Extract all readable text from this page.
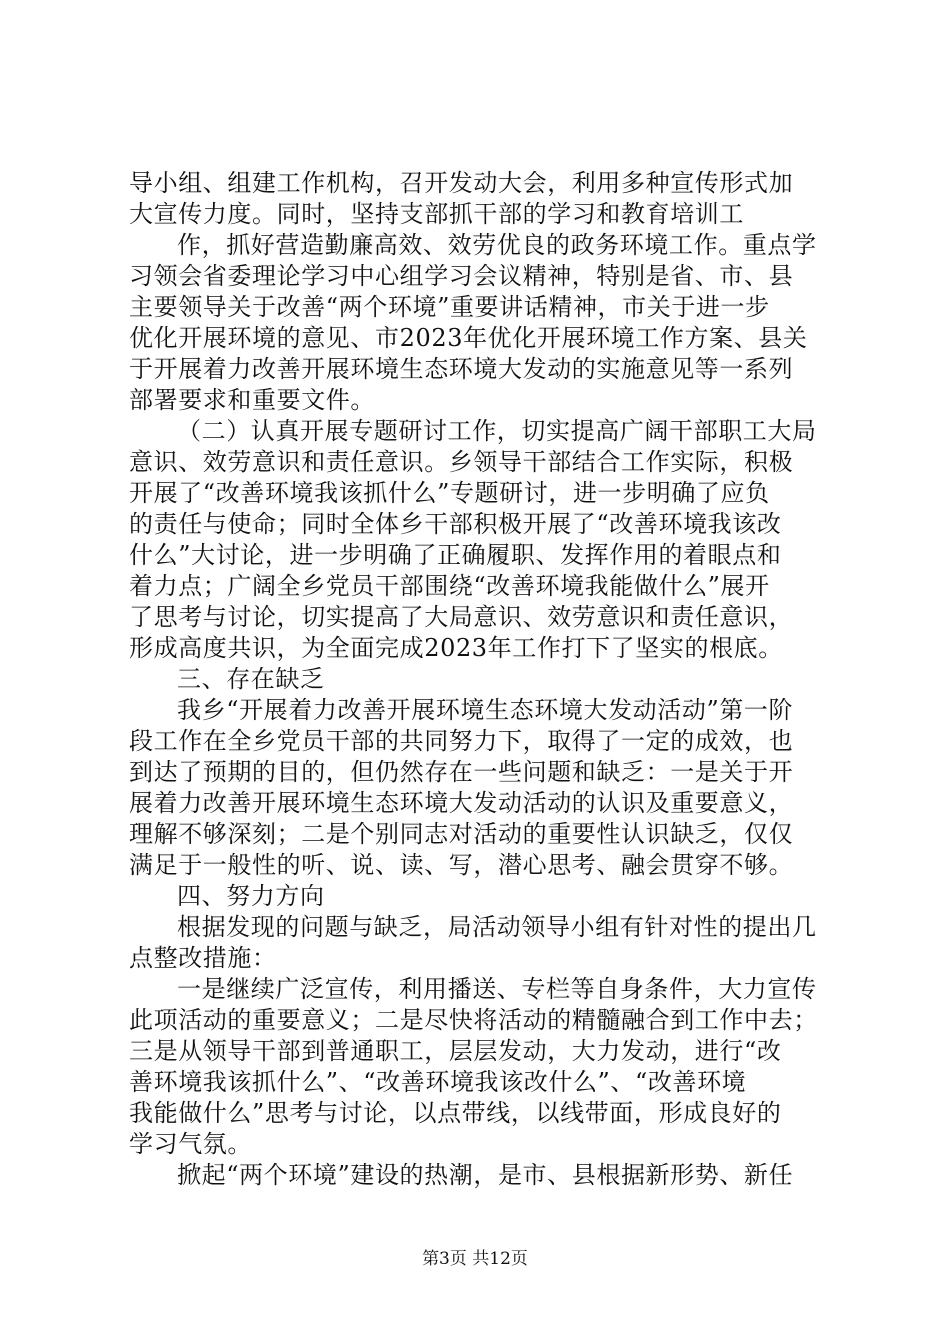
导小组、组建工作机构，召开发动大会，利用多种宣传形式加
大宣传力度。同时，坚持支部抓干部的学习和教育培训工
作，抓好营造勤廉高效、效劳优良的政务环境工作。重点学
习领会省委理论学习中心组学习会议精神，特别是省、市、县
主要领导关于改善“两个环境”重要讲话精神，市关于进一步
优化开展环境的意见、市2023年优化开展环境工作方案、县关
于开展着力改善开展环境生态环境大发动的实施意见等一系列
部署要求和重要文件。
（二）认真开展专题研讨工作，切实提高广阔干部职工大局
意识、效劳意识和责任意识。乡领导干部结合工作实际，积极
开展了“改善环境我该抓什么”专题研讨，进一步明确了应负
的责任与使命；同时全体乡干部积极开展了“改善环境我该改
什么”大讨论，进一步明确了正确履职、发挥作用的着眼点和
着力点；广阔全乡党员干部围绕“改善环境我能做什么”展开
了思考与讨论，切实提高了大局意识、效劳意识和责任意识，
形成高度共识，为全面完成2023年工作打下了坚实的根底。
三、存在缺乏
我乡“开展着力改善开展环境生态环境大发动活动”第一阶
段工作在全乡党员干部的共同努力下，取得了一定的成效，也
到达了预期的目的，但仍然存在一些问题和缺乏：一是关于开
展着力改善开展环境生态环境大发动活动的认识及重要意义，
理解不够深刻；二是个别同志对活动的重要性认识缺乏，仅仅
满足于一般性的听、说、读、写，潜心思考、融会贯穿不够。
四、努力方向
根据发现的问题与缺乏，局活动领导小组有针对性的提出几
点整改措施：
一是继续广泛宣传，利用播送、专栏等自身条件，大力宣传
此项活动的重要意义；二是尽快将活动的精髓融合到工作中去；
三是从领导干部到普通职工，层层发动，大力发动，进行“改
善环境我该抓什么”、“改善环境我该改什么”、“改善环境
我能做什么”思考与讨论，以点带线，以线带面，形成良好的
学习气氛。
掀起“两个环境”建设的热潮，是市、县根据新形势、新任
第3页 共12页
